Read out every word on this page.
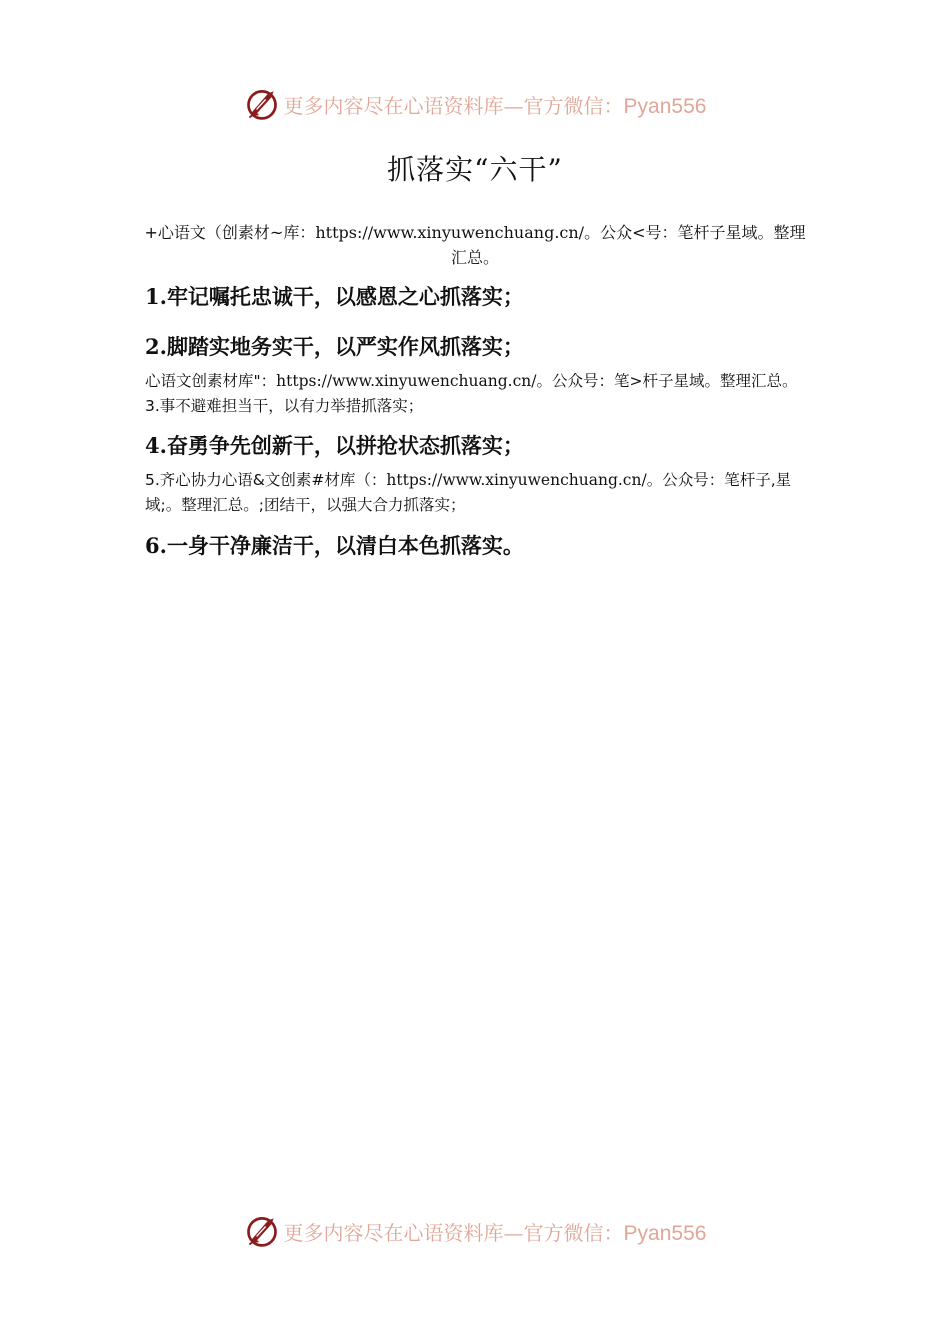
更多内容尽在心语资料库—官方微信：Pyan556
抓落实“六干”
+心语文（创素材~库：https://www.xinyuwenchuang.cn/。公众<号：笔杆子星域。整理汇总。
1.牢记嘱托忠诚干，以感恩之心抓落实；
2.脚踏实地务实干，以严实作风抓落实；
心语文创素材库"：https://www.xinyuwenchuang.cn/。公众号：笔>杆子星域。整理汇总。3.事不避难担当干，以有力举措抓落实；
4.奋勇争先创新干，以拼抢状态抓落实；
5.齐心协力心语&文创素#材库（：https://www.xinyuwenchuang.cn/。公众号：笔杆子,星域;。整理汇总。;团结干，以强大合力抓落实；
6.一身干净廉洁干，以清白本色抓落实。
更多内容尽在心语资料库—官方微信：Pyan556
